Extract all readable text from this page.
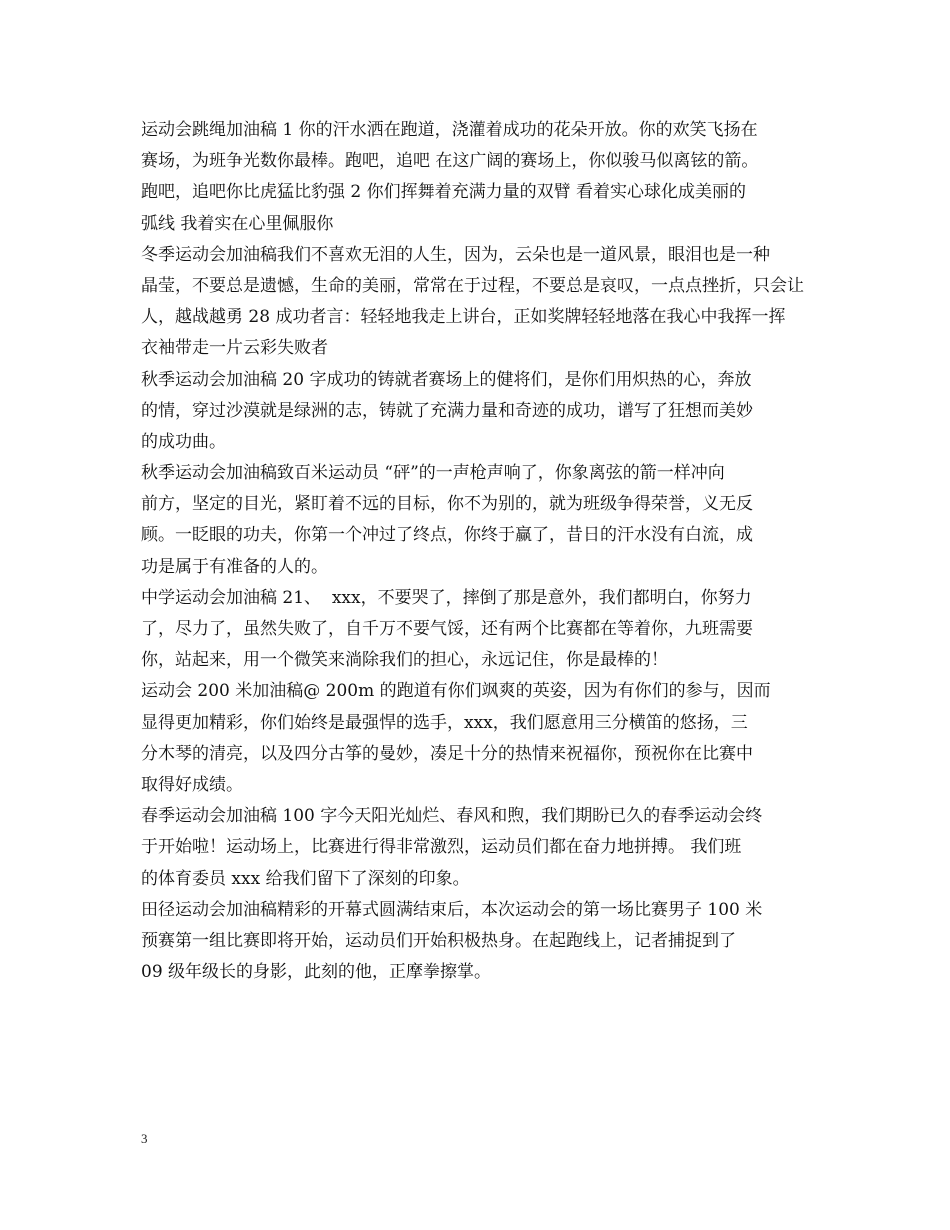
运动会跳绳加油稿 1 你的汗水洒在跑道，浇灌着成功的花朵开放。你的欢笑飞扬在
赛场，为班争光数你最棒。跑吧，追吧 在这广阔的赛场上，你似骏马似离铉的箭。
跑吧，追吧你比虎猛比豹强 2 你们挥舞着充满力量的双臂 看着实心球化成美丽的
弧线 我着实在心里佩服你
冬季运动会加油稿我们不喜欢无泪的人生，因为，云朵也是一道风景，眼泪也是一种
晶莹，不要总是遗憾，生命的美丽，常常在于过程，不要总是哀叹，一点点挫折，只会让
人，越战越勇 28 成功者言：轻轻地我走上讲台，正如奖牌轻轻地落在我心中我挥一挥
衣袖带走一片云彩失败者
秋季运动会加油稿 20 字成功的铸就者赛场上的健将们，是你们用炽热的心，奔放
的情，穿过沙漠就是绿洲的志，铸就了充满力量和奇迹的成功，谱写了狂想而美妙
的成功曲。
秋季运动会加油稿致百米运动员 “砰”的一声枪声响了，你象离弦的箭一样冲向
前方，坚定的目光，紧盯着不远的目标，你不为别的，就为班级争得荣誉，义无反
顾。一眨眼的功夫，你第一个冲过了终点，你终于赢了，昔日的汗水没有白流，成
功是属于有准备的人的。
中学运动会加油稿 21、  xxx，不要哭了，摔倒了那是意外，我们都明白，你努力
了，尽力了，虽然失败了，自千万不要气馁，还有两个比赛都在等着你，九班需要
你，站起来，用一个微笑来淌除我们的担心，永远记住，你是最棒的！
运动会 200 米加油稿@ 200m 的跑道有你们飒爽的英姿，因为有你们的参与，因而
显得更加精彩，你们始终是最强悍的选手，xxx，我们愿意用三分横笛的悠扬，三
分木琴的清亮，以及四分古筝的曼妙，凑足十分的热情来祝福你，预祝你在比赛中
取得好成绩。
春季运动会加油稿 100 字今天阳光灿烂、春风和煦，我们期盼已久的春季运动会终
于开始啦！运动场上，比赛进行得非常激烈，运动员们都在奋力地拼搏。 我们班
的体育委员 xxx 给我们留下了深刻的印象。
田径运动会加油稿精彩的开幕式圆满结束后，本次运动会的第一场比赛男子 100 米
预赛第一组比赛即将开始，运动员们开始积极热身。在起跑线上，记者捕捉到了
09 级年级长的身影，此刻的他，正摩拳擦掌。
3
